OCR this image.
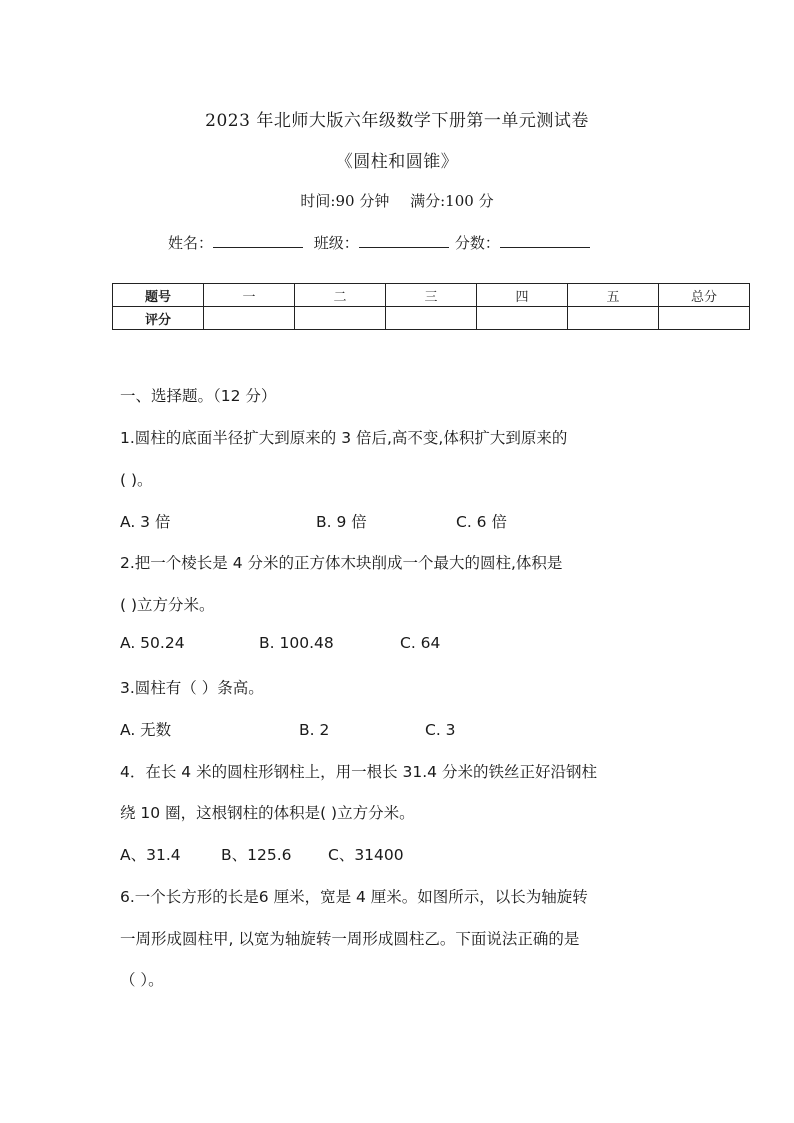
2023 年北师大版六年级数学下册第一单元测试卷
《圆柱和圆锥》
时间:90 分钟 满分:100 分
姓名：	班级：	分数：
题号	一	二	三	四	五	总分
评分						
一、选择题。（12 分）
1.圆柱的底面半径扩大到原来的 3 倍后,高不变,体积扩大到原来的
( )。
A. 3 倍	B. 9 倍	C. 6 倍
2.把一个棱长是 4 分米的正方体木块削成一个最大的圆柱,体积是
( )立方分米。
A. 50.24	B. 100.48	C. 64
3.圆柱有（ ）条高。
A. 无数	B. 2	C. 3
4．在长 4 米的圆柱形钢柱上，用一根长 31.4 分米的铁丝正好沿钢柱
绕 10 圈，这根钢柱的体积是( )立方分米。
A、31.4	B、125.6 C、31400
6.一个长方形的长是6 厘米，宽是 4 厘米。如图所示，以长为轴旋转
一周形成圆柱甲, 以宽为轴旋转一周形成圆柱乙。下面说法正确的是
（ ）。
